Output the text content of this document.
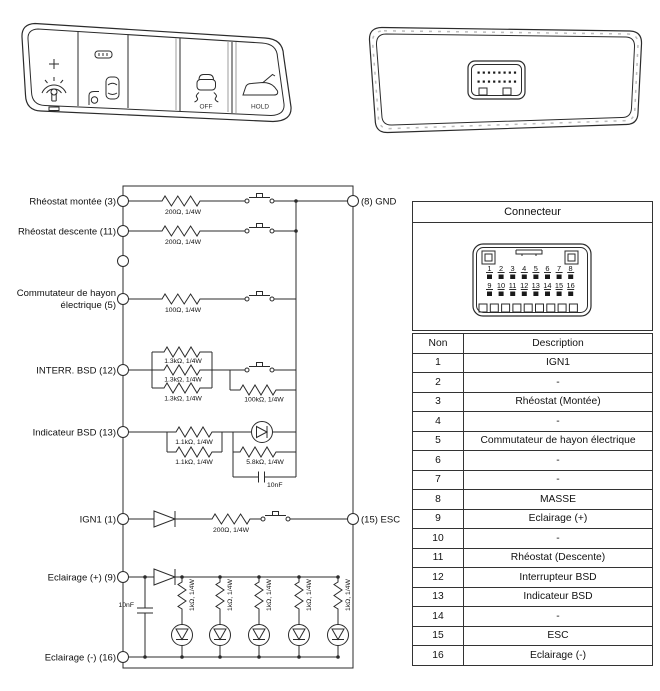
OFF	HOLD
200Ω, 1/4W
200Ω, 1/4W
100Ω, 1/4W
1.3kΩ, 1/4W
1.3kΩ, 1/4W
1.3kΩ, 1/4W	100kΩ, 1/4W
1.1kΩ, 1/4W
1.1kΩ, 1/4W	5.8kΩ, 1/4W
10nF
200Ω, 1/4W
10nF	1kΩ, 1/4W	1kΩ, 1/4W	1kΩ, 1/4W	1kΩ, 1/4W	1kΩ, 1/4W
Rhéostat montée (3)
Rhéostat descente (11)
Commutateur de hayon
électrique (5)
INTERR. BSD (12)
Indicateur BSD (13)
IGN1 (1)
Eclairage (+) (9)
Eclairage (-) (16)
(8) GND
(15) ESC
Connecteur
1 2 3 4 5 6 7 8
9 10 11 12 13 14 15 16
Non	Description
1	IGN1
2	-
3	Rhéostat (Montée)
4	-
5	Commutateur de hayon électrique
6	-
7	-
8	MASSE
9	Eclairage (+)
10	-
11	Rhéostat (Descente)
12	Interrupteur BSD
13	Indicateur BSD
14	-
15	ESC
16	Eclairage (-)
